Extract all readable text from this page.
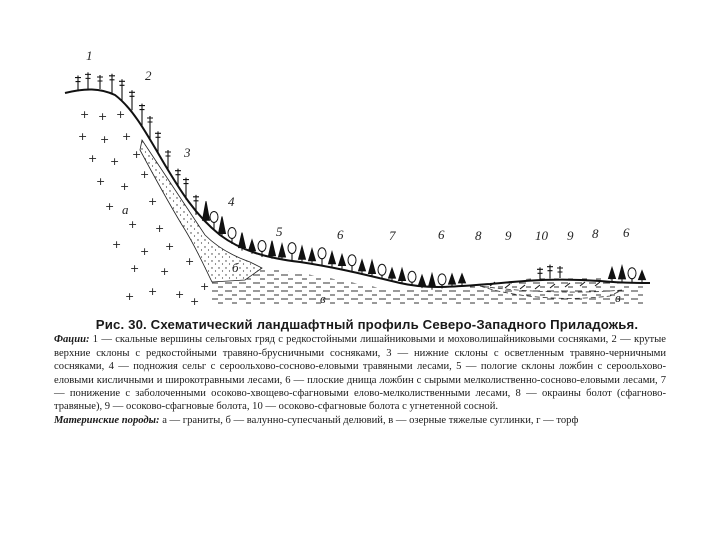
+ + +
+ + +
+ +
+
+ +
+
+	+
+ +
+
+ +
+ +
+
+ +
+
+	+
1
2
3
4
5	6	7	6 8 9 10 9 8 6
а
б
в	в
Рис. 30. Схематический ландшафтный профиль Северо-Западного Приладожья.

Фации: 1 — скальные вершины сельговых гряд с редкостойными лишайниковыми и моховолишайниковыми сосняками, 2 — крутые верхние склоны с редкостойными травяно-брусничными сосняками, 3 — нижние склоны с осветленным травяно-черничными сосняками, 4 — подножия сельг с сероольхово-сосново-еловыми травяными лесами, 5 — пологие склоны ложбин с сероольхово-еловыми кисличными и широкотравными лесами, 6 — плоские днища ложбин с сырыми мелколиственно-сосново-еловыми лесами, 7 — понижение с заболоченными осоково-хвощево-сфагновыми елово-мелколиственными лесами, 8 — окраины болот (сфагново-травяные), 9 — осоково-сфагновые болота, 10 — осоково-сфагновые болота с угнетенной сосной.

Материнские породы: а — граниты, б — валунно-супесчаный делювий, в — озерные тяжелые суглинки, г — торф
